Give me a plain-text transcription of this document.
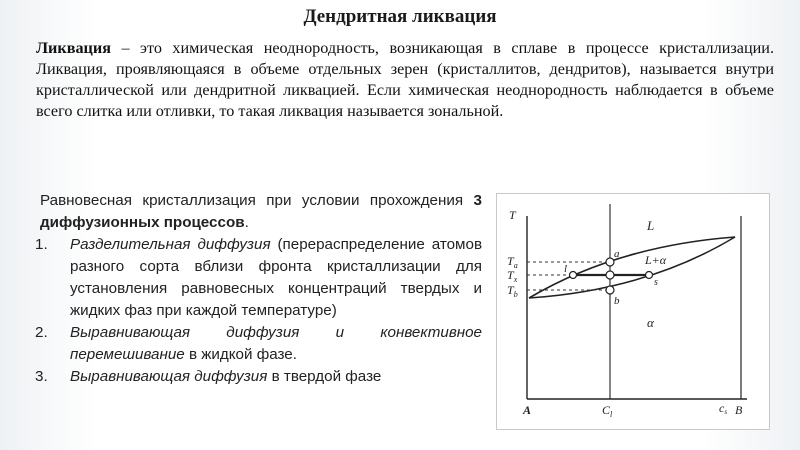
Дендритная ликвация

Ликвация – это химическая неоднородность, возникающая в сплаве в процессе кристаллизации. Ликвация, проявляющаяся в объеме отдельных зерен (кристаллитов, дендритов), называется внутри кристаллической или дендритной ликвацией. Если химическая неоднородность наблюдается в объеме всего слитка или отливки, то такая ликвация называется зональной.

Равновесная кристаллизация при условии прохождения 3 диффузионных процессов.

1. Разделительная диффузия (перераспределение атомов разного сорта вблизи фронта кристаллизации для установления равновесных концентраций твердых и жидких фаз при каждой температуре)
2. Выравнивающая диффузия и конвективное перемешивание в жидкой фазе.
3. Выравнивающая диффузия в твердой фазе
T
$T_a$
$T_x$
$T_b$
L
L+α
α
a
b
l
s
A	$C_l$	сs B
